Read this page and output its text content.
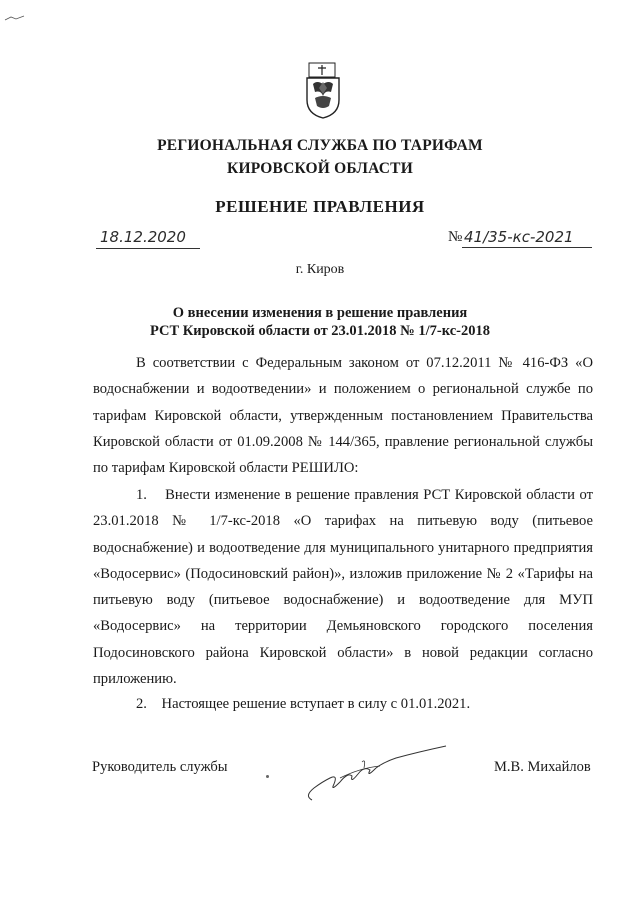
РЕГИОНАЛЬНАЯ СЛУЖБА ПО ТАРИФАМ
КИРОВСКОЙ ОБЛАСТИ
РЕШЕНИЕ ПРАВЛЕНИЯ
18.12.2020	№ 41/35-кс-2021
г. Киров
О внесении изменения в решение правления
РСТ Кировской области от 23.01.2018 № 1/7-кс-2018
В соответствии с Федеральным законом от 07.12.2011 № 416-ФЗ «О водоснабжении и водоотведении» и положением о региональной службе по тарифам Кировской области, утвержденным постановлением Правительства Кировской области от 01.09.2008 № 144/365, правление региональной службы по тарифам Кировской области РЕШИЛО:
1. Внести изменение в решение правления РСТ Кировской области от 23.01.2018 № 1/7-кс-2018 «О тарифах на питьевую воду (питьевое водоснабжение) и водоотведение для муниципального унитарного предприятия «Водосервис» (Подосиновский район)», изложив приложение № 2 «Тарифы на питьевую воду (питьевое водоснабжение) и водоотведение для МУП «Водосервис» на территории Демьяновского городского поселения Подосиновского района Кировской области» в новой редакции согласно приложению.
2. Настоящее решение вступает в силу с 01.01.2021.
Руководитель службы	М.В. Михайлов
